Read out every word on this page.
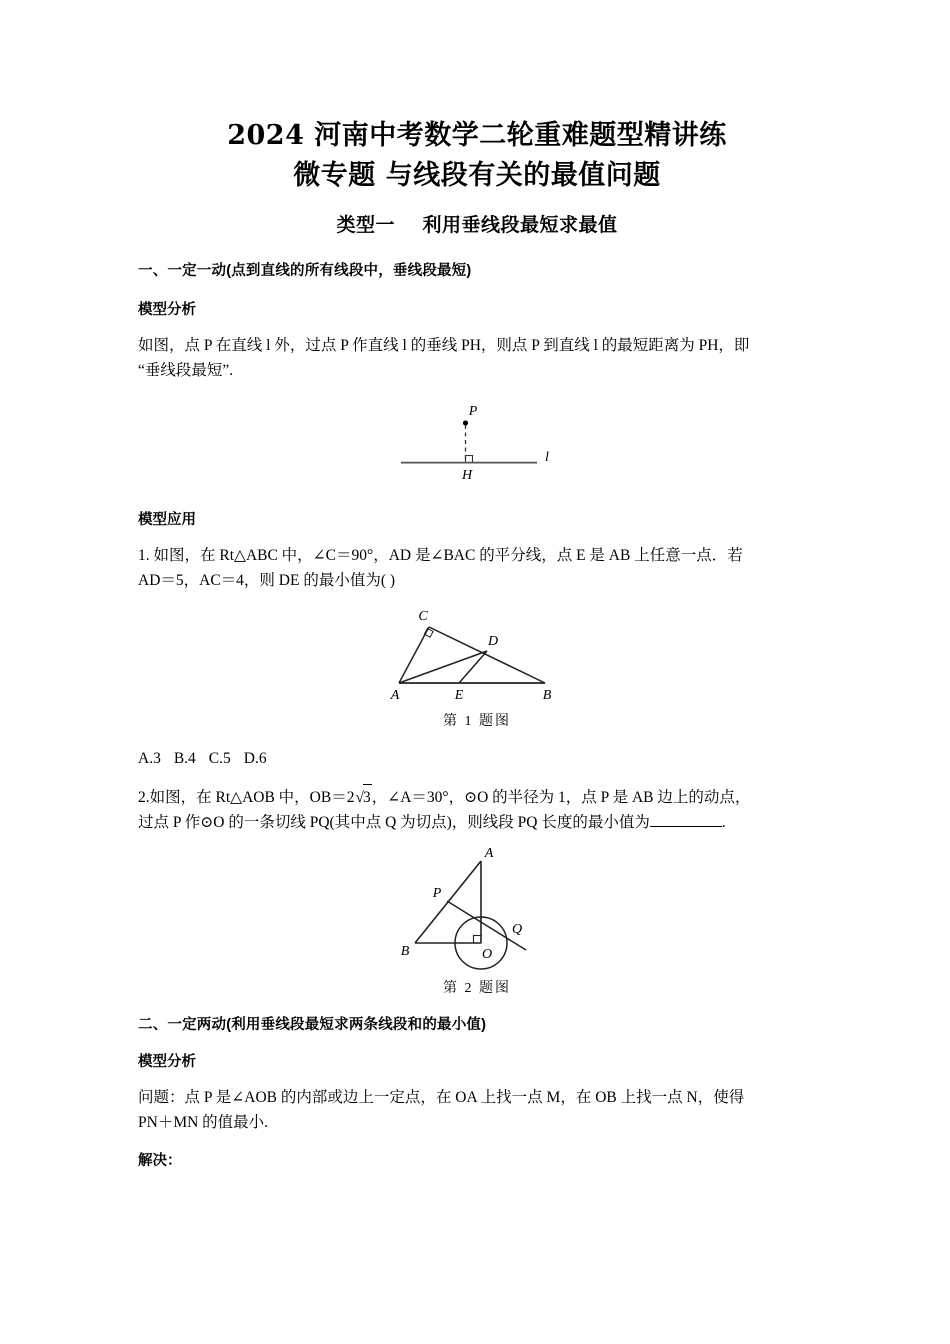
2024 河南中考数学二轮重难题型精讲练
微专题 与线段有关的最值问题
类型一 利用垂线段最短求最值
一、一定一动(点到直线的所有线段中，垂线段最短)
模型分析
如图，点 P 在直线 l 外，过点 P 作直线 l 的垂线 PH，则点 P 到直线 l 的最短距离为 PH，即
“垂线段最短”.
P
l
H
模型应用
1. 如图，在 Rt△ABC 中，∠C＝90°，AD 是∠BAC 的平分线，点 E 是 AB 上任意一点．若
AD＝5，AC＝4，则 DE 的最小值为( )
C
D
A	E	B
第 1 题图
A.3 B.4 C.5 D.6
2.如图，在 Rt△AOB 中，OB＝2√3，∠A＝30°，⊙O 的半径为 1，点 P 是 AB 边上的动点，
过点 P 作⊙O 的一条切线 PQ(其中点 Q 为切点)，则线段 PQ 长度的最小值为	.
A
P
Q
B	O
第 2 题图
二、一定两动(利用垂线段最短求两条线段和的最小值)
模型分析
问题：点 P 是∠AOB 的内部或边上一定点，在 OA 上找一点 M，在 OB 上找一点 N，使得
PN＋MN 的值最小.
解决：
